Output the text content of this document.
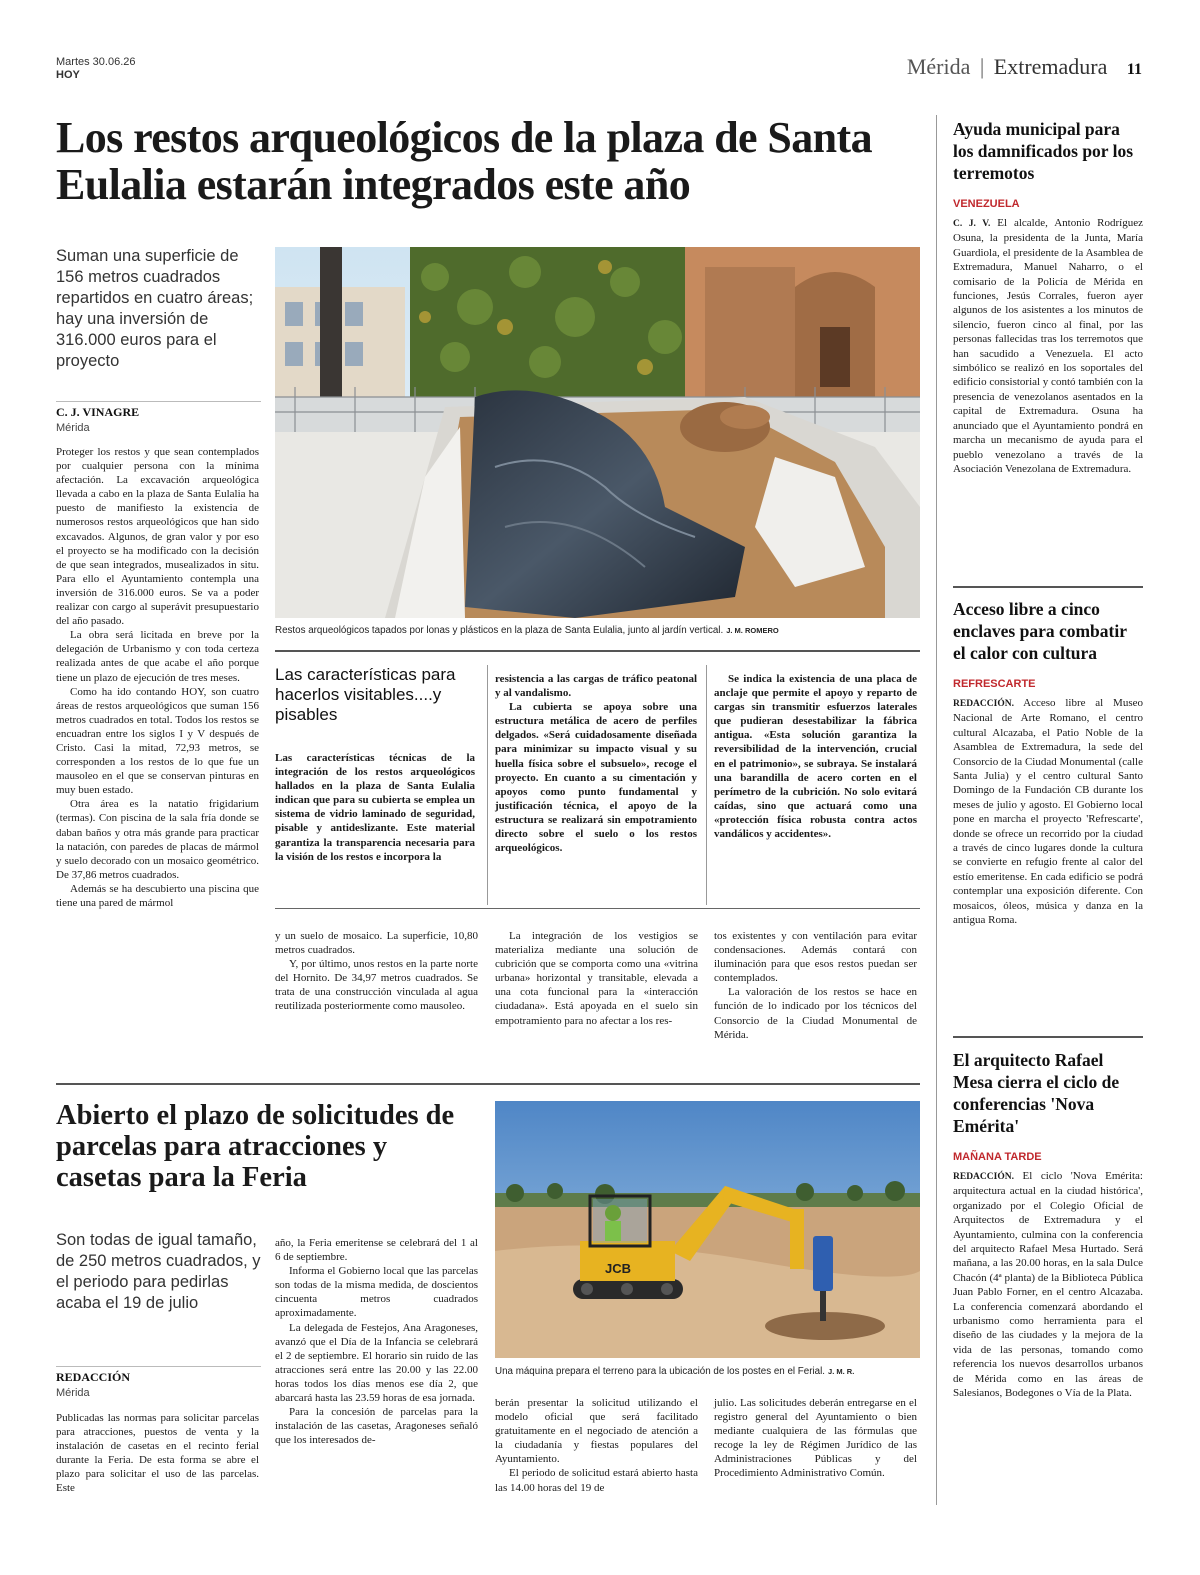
Martes 30.06.26
HOY	Mérida | Extremadura 11
Los restos arqueológicos de la plaza de Santa Eulalia estarán integrados este año
Suman una superficie de 156 metros cuadrados repartidos en cuatro áreas; hay una inversión de 316.000 euros para el proyecto
C. J. VINAGRE
Mérida

Proteger los restos y que sean contemplados por cualquier persona con la mínima afectación. La excavación arqueológica llevada a cabo en la plaza de Santa Eulalia ha puesto de manifiesto la existencia de numerosos restos arqueológicos que han sido excavados. Algunos, de gran valor y por eso el proyecto se ha modificado con la decisión de que sean integrados, musealizados in situ. Para ello el Ayuntamiento contempla una inversión de 316.000 euros. Se va a poder realizar con cargo al superávit presupuestario del año pasado.

La obra será licitada en breve por la delegación de Urbanismo y con toda certeza realizada antes de que acabe el año porque tiene un plazo de ejecución de tres meses.

Como ha ido contando HOY, son cuatro áreas de restos arqueológicos que suman 156 metros cuadrados en total. Todos los restos se encuadran entre los siglos I y V después de Cristo. Casi la mitad, 72,93 metros, se corresponden a los restos de lo que fue un mausoleo en el que se conservan pinturas en muy buen estado.

Otra área es la natatio frigidarium (termas). Con piscina de la sala fría donde se daban baños y otra más grande para practicar la natación, con paredes de placas de mármol y suelo decorado con un mosaico geométrico. De 37,86 metros cuadrados.

Además se ha descubierto una piscina que tiene una pared de mármol

Restos arqueológicos tapados por lonas y plásticos en la plaza de Santa Eulalia, junto al jardín vertical. J. M. ROMERO
Las características para hacerlos visitables....y pisables
Las características técnicas de la integración de los restos arqueológicos hallados en la plaza de Santa Eulalia indican que para su cubierta se emplea un sistema de vidrio laminado de seguridad, pisable y antideslizante. Este material garantiza la transparencia necesaria para la visión de los restos e incorpora la

resistencia a las cargas de tráfico peatonal y al vandalismo.

La cubierta se apoya sobre una estructura metálica de acero de perfiles delgados. «Será cuidadosamente diseñada para minimizar su impacto visual y su huella física sobre el subsuelo», recoge el proyecto. En cuanto a su cimentación y apoyos como punto fundamental y justificación técnica, el apoyo de la estructura se realizará sin empotramiento directo sobre el suelo o los restos arqueológicos.

Se indica la existencia de una placa de anclaje que permite el apoyo y reparto de cargas sin transmitir esfuerzos laterales que pudieran desestabilizar la fábrica antigua. «Esta solución garantiza la reversibilidad de la intervención, crucial en el patrimonio», se subraya. Se instalará una barandilla de acero corten en el perímetro de la cubrición. No solo evitará caídas, sino que actuará como una «protección física robusta contra actos vandálicos y accidentes».

y un suelo de mosaico. La superficie, 10,80 metros cuadrados.

Y, por último, unos restos en la parte norte del Hornito. De 34,97 metros cuadrados. Se trata de una construcción vinculada al agua reutilizada posteriormente como mausoleo.

La integración de los vestigios se materializa mediante una solución de cubrición que se comporta como una «vitrina urbana» horizontal y transitable, elevada a una cota funcional para la «interacción ciudadana». Está apoyada en el suelo sin empotramiento para no afectar a los res-

tos existentes y con ventilación para evitar condensaciones. Además contará con iluminación para que esos restos puedan ser contemplados.

La valoración de los restos se hace en función de lo indicado por los técnicos del Consorcio de la Ciudad Monumental de Mérida.

Abierto el plazo de solicitudes de parcelas para atracciones y casetas para la Feria
Son todas de igual tamaño, de 250 metros cuadrados, y el periodo para pedirlas acaba el 19 de julio
REDACCIÓN
Mérida

Publicadas las normas para solicitar parcelas para atracciones, puestos de venta y la instalación de casetas en el recinto ferial durante la Feria. De esta forma se abre el plazo para solicitar el uso de las parcelas. Este

año, la Feria emeritense se celebrará del 1 al 6 de septiembre.

Informa el Gobierno local que las parcelas son todas de la misma medida, de doscientos cincuenta metros cuadrados aproximadamente.

La delegada de Festejos, Ana Aragoneses, avanzó que el Día de la Infancia se celebrará el 2 de septiembre. El horario sin ruido de las atracciones será entre las 20.00 y las 22.00 horas todos los días menos ese día 2, que abarcará hasta las 23.59 horas de esa jornada.

Para la concesión de parcelas para la instalación de las casetas, Aragoneses señaló que los interesados de-

JCB
Una máquina prepara el terreno para la ubicación de los postes en el Ferial. J. M. R.

berán presentar la solicitud utilizando el modelo oficial que será facilitado gratuitamente en el negociado de atención a la ciudadanía y fiestas populares del Ayuntamiento.

El periodo de solicitud estará abierto hasta las 14.00 horas del 19 de

julio. Las solicitudes deberán entregarse en el registro general del Ayuntamiento o bien mediante cualquiera de las fórmulas que recoge la ley de Régimen Jurídico de las Administraciones Públicas y del Procedimiento Administrativo Común.

Ayuda municipal para los damnificados por los terremotos
VENEZUELA

C. J. V. El alcalde, Antonio Rodríguez Osuna, la presidenta de la Junta, María Guardiola, el presidente de la Asamblea de Extremadura, Manuel Naharro, o el comisario de la Policía de Mérida en funciones, Jesús Corrales, fueron ayer algunos de los asistentes a los minutos de silencio, fueron cinco al final, por las personas fallecidas tras los terremotos que han sacudido a Venezuela. El acto simbólico se realizó en los soportales del edificio consistorial y contó también con la presencia de venezolanos asentados en la capital de Extremadura. Osuna ha anunciado que el Ayuntamiento pondrá en marcha un mecanismo de ayuda para el pueblo venezolano a través de la Asociación Venezolana de Extremadura.

Acceso libre a cinco enclaves para combatir el calor con cultura
REFRESCARTE

REDACCIÓN. Acceso libre al Museo Nacional de Arte Romano, el centro cultural Alcazaba, el Patio Noble de la Asamblea de Extremadura, la sede del Consorcio de la Ciudad Monumental (calle Santa Julia) y el centro cultural Santo Domingo de la Fundación CB durante los meses de julio y agosto. El Gobierno local pone en marcha el proyecto 'Refrescarte', donde se ofrece un recorrido por la ciudad a través de cinco lugares donde la cultura se convierte en refugio frente al calor del estío emeritense. En cada edificio se podrá contemplar una exposición diferente. Con mosaicos, óleos, música y danza en la antigua Roma.

El arquitecto Rafael Mesa cierra el ciclo de conferencias 'Nova Emérita'
MAÑANA TARDE

REDACCIÓN. El ciclo 'Nova Emérita: arquitectura actual en la ciudad histórica', organizado por el Colegio Oficial de Arquitectos de Extremadura y el Ayuntamiento, culmina con la conferencia del arquitecto Rafael Mesa Hurtado. Será mañana, a las 20.00 horas, en la sala Dulce Chacón (4ª planta) de la Biblioteca Pública Juan Pablo Forner, en el centro Alcazaba. La conferencia comenzará abordando el urbanismo como herramienta para el diseño de las ciudades y la mejora de la vida de las personas, tomando como referencia los nuevos desarrollos urbanos de Mérida como en las áreas de Salesianos, Bodegones o Vía de la Plata.
